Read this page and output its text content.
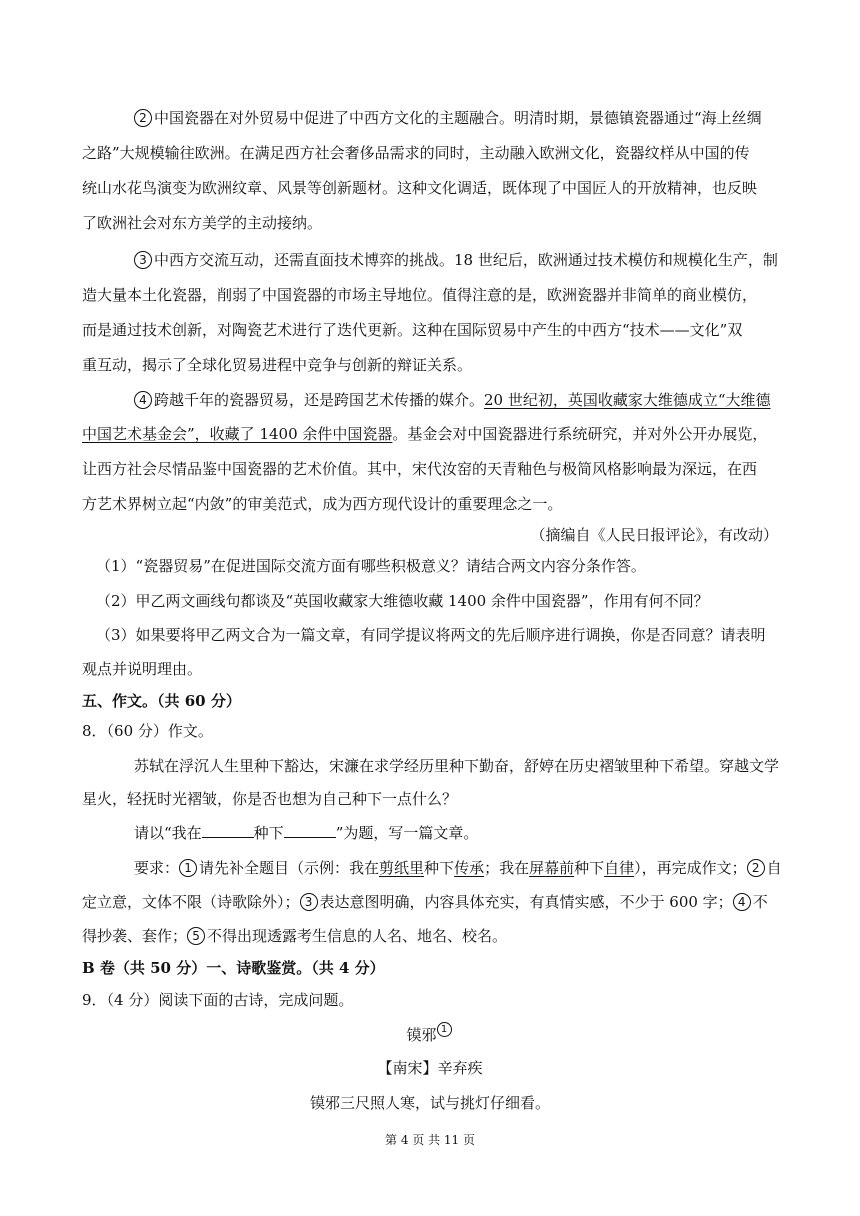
2 中国瓷器在对外贸易中促进了中西方文化的主题融合。明清时期，景德镇瓷器通过“海上丝绸
之路”大规模输往欧洲。在满足西方社会奢侈品需求的同时，主动融入欧洲文化，瓷器纹样从中国的传
统山水花鸟演变为欧洲纹章、风景等创新题材。这种文化调适，既体现了中国匠人的开放精神，也反映
了欧洲社会对东方美学的主动接纳。
3 中西方交流互动，还需直面技术博弈的挑战。18 世纪后，欧洲通过技术模仿和规模化生产，制
造大量本土化瓷器，削弱了中国瓷器的市场主导地位。值得注意的是，欧洲瓷器并非简单的商业模仿，
而是通过技术创新，对陶瓷艺术进行了迭代更新。这种在国际贸易中产生的中西方“技术——文化”双
重互动，揭示了全球化贸易进程中竞争与创新的辩证关系。
4 跨越千年的瓷器贸易，还是跨国艺术传播的媒介。20 世纪初，英国收藏家大维德成立“大维德
中国艺术基金会”，收藏了 1400 余件中国瓷器。基金会对中国瓷器进行系统研究，并对外公开办展览，
让西方社会尽情品鉴中国瓷器的艺术价值。其中，宋代汝窑的天青釉色与极简风格影响最为深远，在西
方艺术界树立起“内敛”的审美范式，成为西方现代设计的重要理念之一。
（摘编自《人民日报评论》，有改动）
（1）“瓷器贸易”在促进国际交流方面有哪些积极意义？请结合两文内容分条作答。
（2）甲乙两文画线句都谈及“英国收藏家大维德收藏 1400 余件中国瓷器”，作用有何不同？
（3）如果要将甲乙两文合为一篇文章，有同学提议将两文的先后顺序进行调换，你是否同意？请表明
观点并说明理由。
五、作文。（共 60 分）
8．（60 分）作文。
苏轼在浮沉人生里种下豁达，宋濂在求学经历里种下勤奋，舒婷在历史褶皱里种下希望。穿越文学
星火，轻抚时光褶皱，你是否也想为自己种下一点什么？
请以“我在	种下	”为题，写一篇文章。
要求： 1 请先补全题目（示例：我在剪纸里种下传承；我在屏幕前种下自律），再完成作文； 2 自
定立意，文体不限（诗歌除外）； 3 表达意图明确，内容具体充实，有真情实感，不少于 600 字； 4 不
得抄袭、套作； 5 不得出现透露考生信息的人名、地名、校名。
B 卷（共 50 分）一、诗歌鉴赏。（共 4 分）
9．（4 分）阅读下面的古诗，完成问题。
镆邪 1
【南宋】辛弃疾
镆邪三尺照人寒，试与挑灯仔细看。
第 4 页 共 11 页
